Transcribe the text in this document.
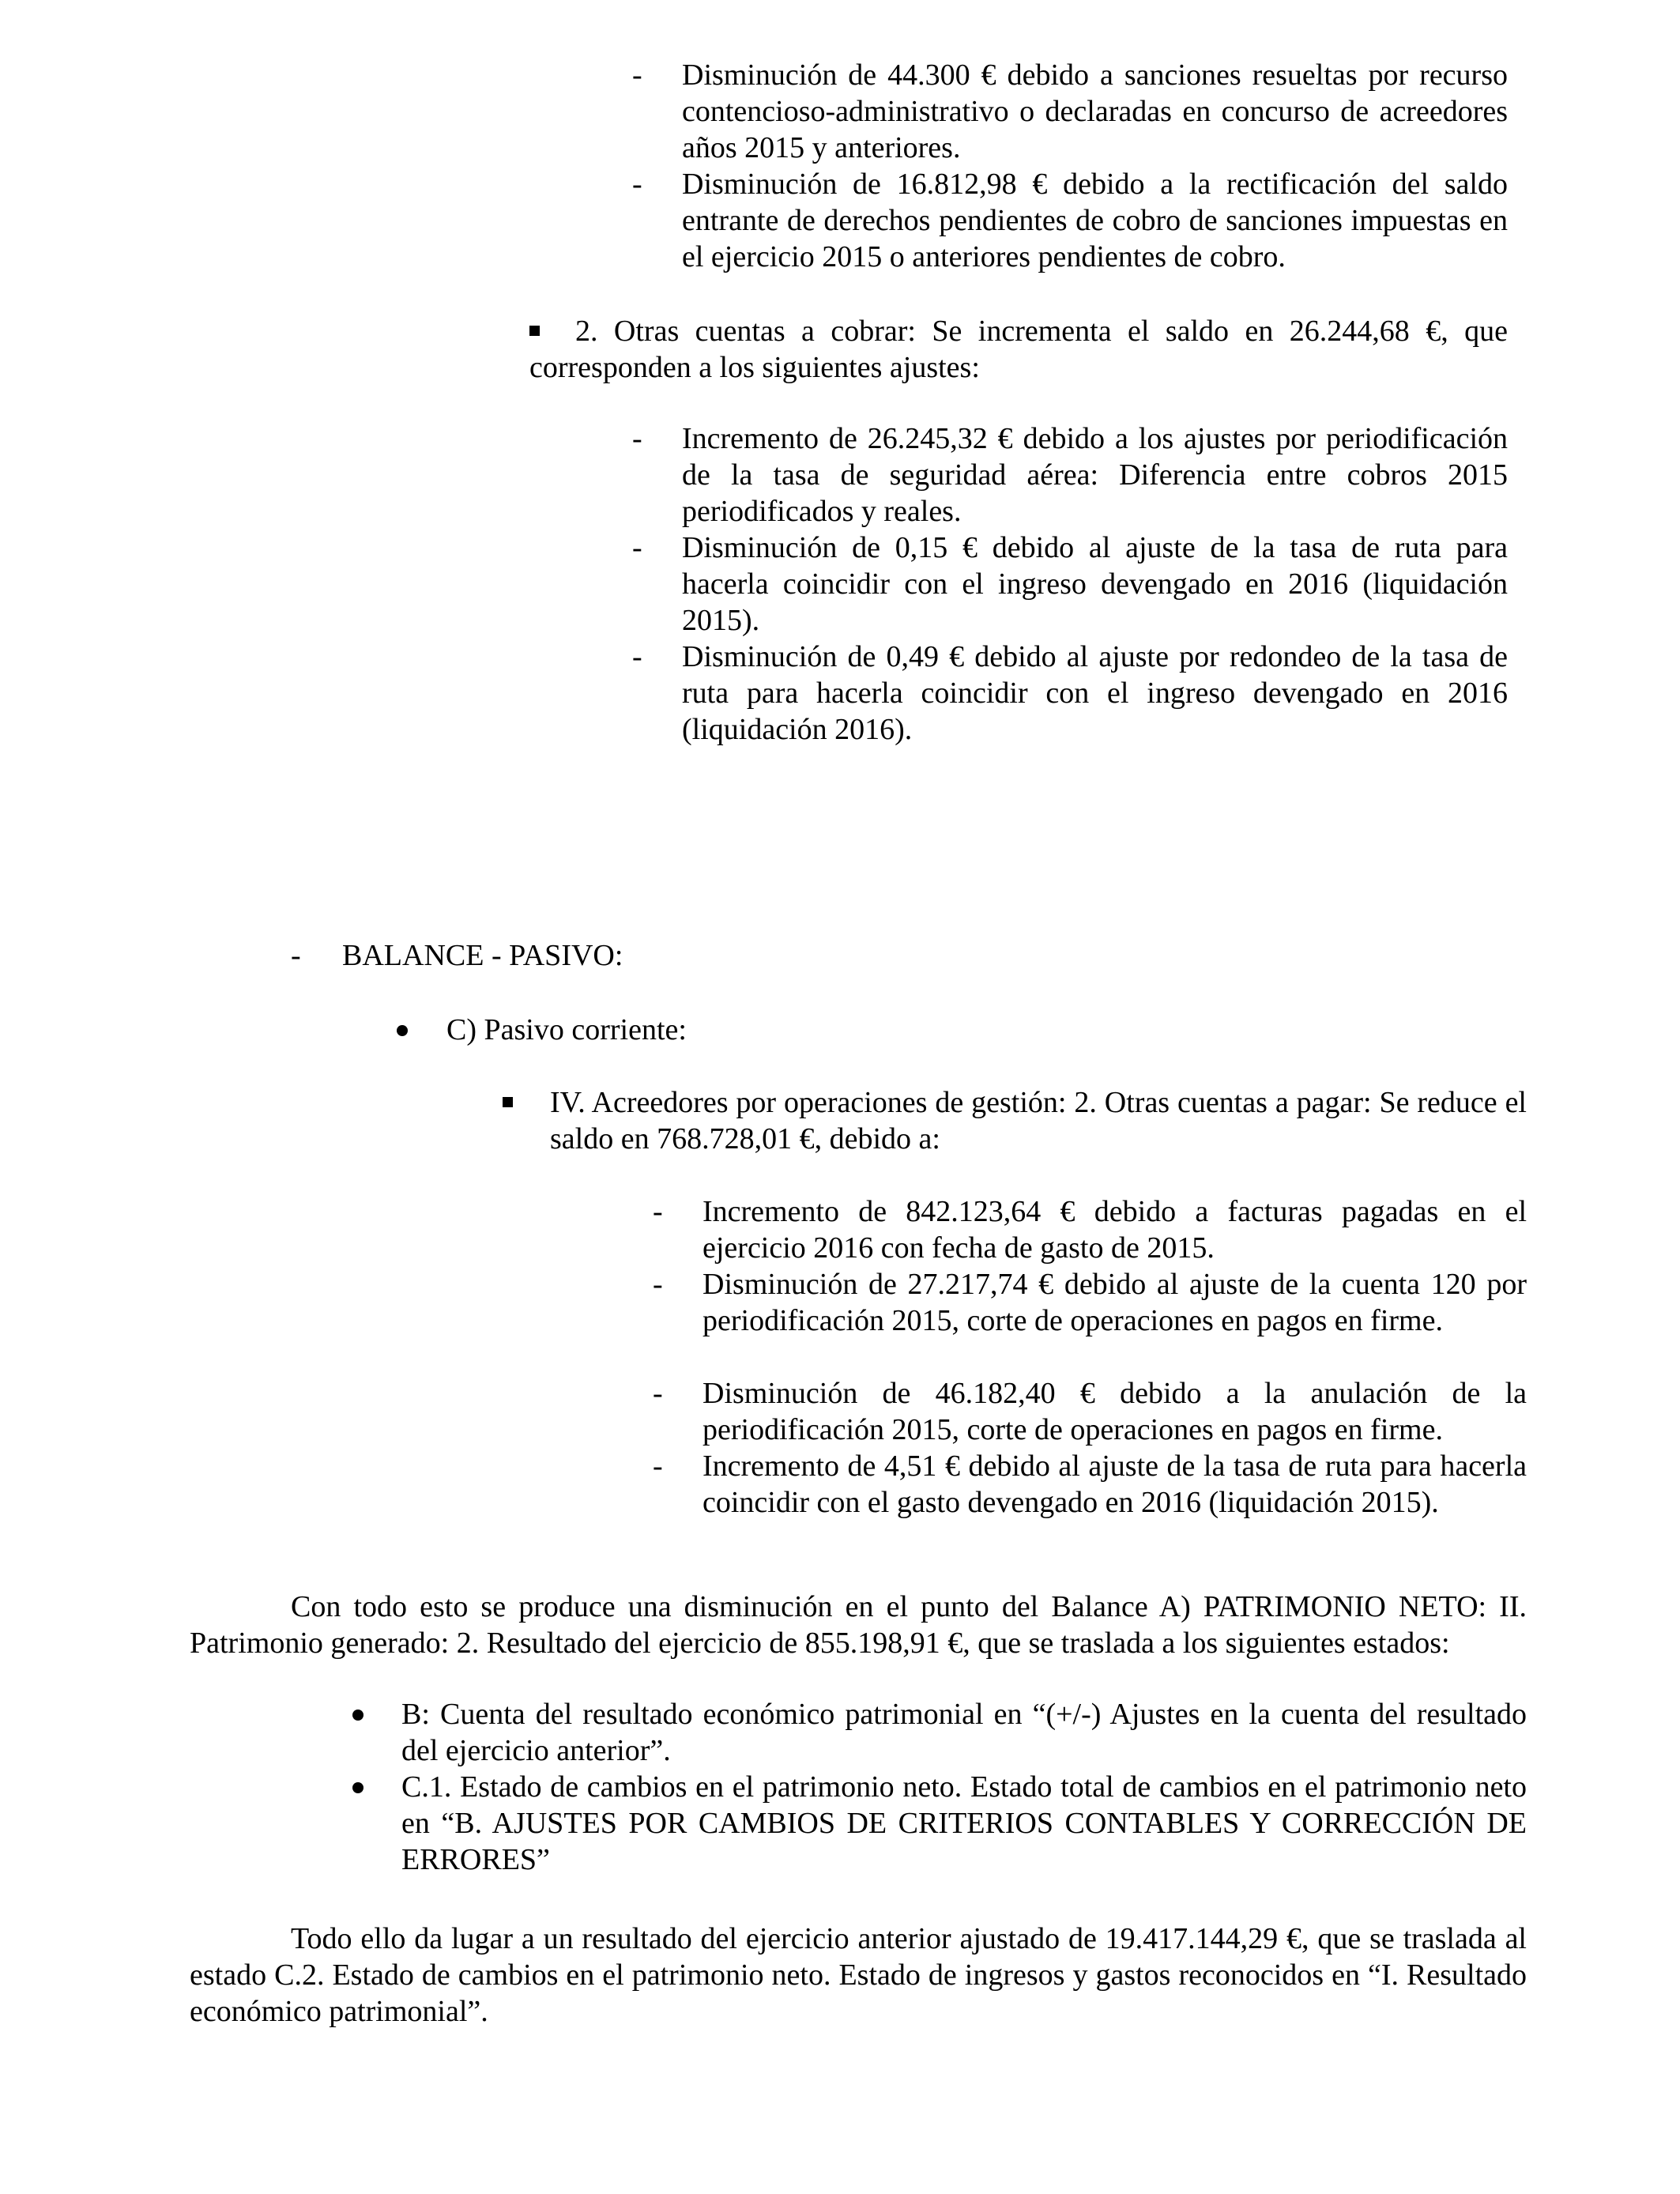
- Disminución de 44.300 € debido a sanciones resueltas por recurso contencioso-administrativo o declaradas en concurso de acreedores años 2015 y anteriores.
- Disminución de 16.812,98 € debido a la rectificación del saldo entrante de derechos pendientes de cobro de sanciones impuestas en el ejercicio 2015 o anteriores pendientes de cobro.
2. Otras cuentas a cobrar: Se incrementa el saldo en 26.244,68 €, que corresponden a los siguientes ajustes:
- Incremento de 26.245,32 € debido a los ajustes por periodificación de la tasa de seguridad aérea: Diferencia entre cobros 2015 periodificados y reales.
- Disminución de 0,15 € debido al ajuste de la tasa de ruta para hacerla coincidir con el ingreso devengado en 2016 (liquidación 2015).
- Disminución de 0,49 € debido al ajuste por redondeo de la tasa de ruta para hacerla coincidir con el ingreso devengado en 2016 (liquidación 2016).
- BALANCE - PASIVO:
C) Pasivo corriente:
IV. Acreedores por operaciones de gestión: 2. Otras cuentas a pagar: Se reduce el saldo en 768.728,01 €, debido a:
- Incremento de 842.123,64 € debido a facturas pagadas en el ejercicio 2016 con fecha de gasto de 2015.
- Disminución de 27.217,74 € debido al ajuste de la cuenta 120 por periodificación 2015, corte de operaciones en pagos en firme.
- Disminución de 46.182,40 € debido a la anulación de la periodificación 2015, corte de operaciones en pagos en firme.
- Incremento de 4,51 € debido al ajuste de la tasa de ruta para hacerla coincidir con el gasto devengado en 2016 (liquidación 2015).
Con todo esto se produce una disminución en el punto del Balance A) PATRIMONIO NETO: II. Patrimonio generado: 2. Resultado del ejercicio de 855.198,91 €, que se traslada a los siguientes estados:
B: Cuenta del resultado económico patrimonial en “(+/-) Ajustes en la cuenta del resultado del ejercicio anterior”.
C.1. Estado de cambios en el patrimonio neto. Estado total de cambios en el patrimonio neto en “B. AJUSTES POR CAMBIOS DE CRITERIOS CONTABLES Y CORRECCIÓN DE ERRORES”
Todo ello da lugar a un resultado del ejercicio anterior ajustado de 19.417.144,29 €, que se traslada al estado C.2. Estado de cambios en el patrimonio neto. Estado de ingresos y gastos reconocidos en “I. Resultado económico patrimonial”.
